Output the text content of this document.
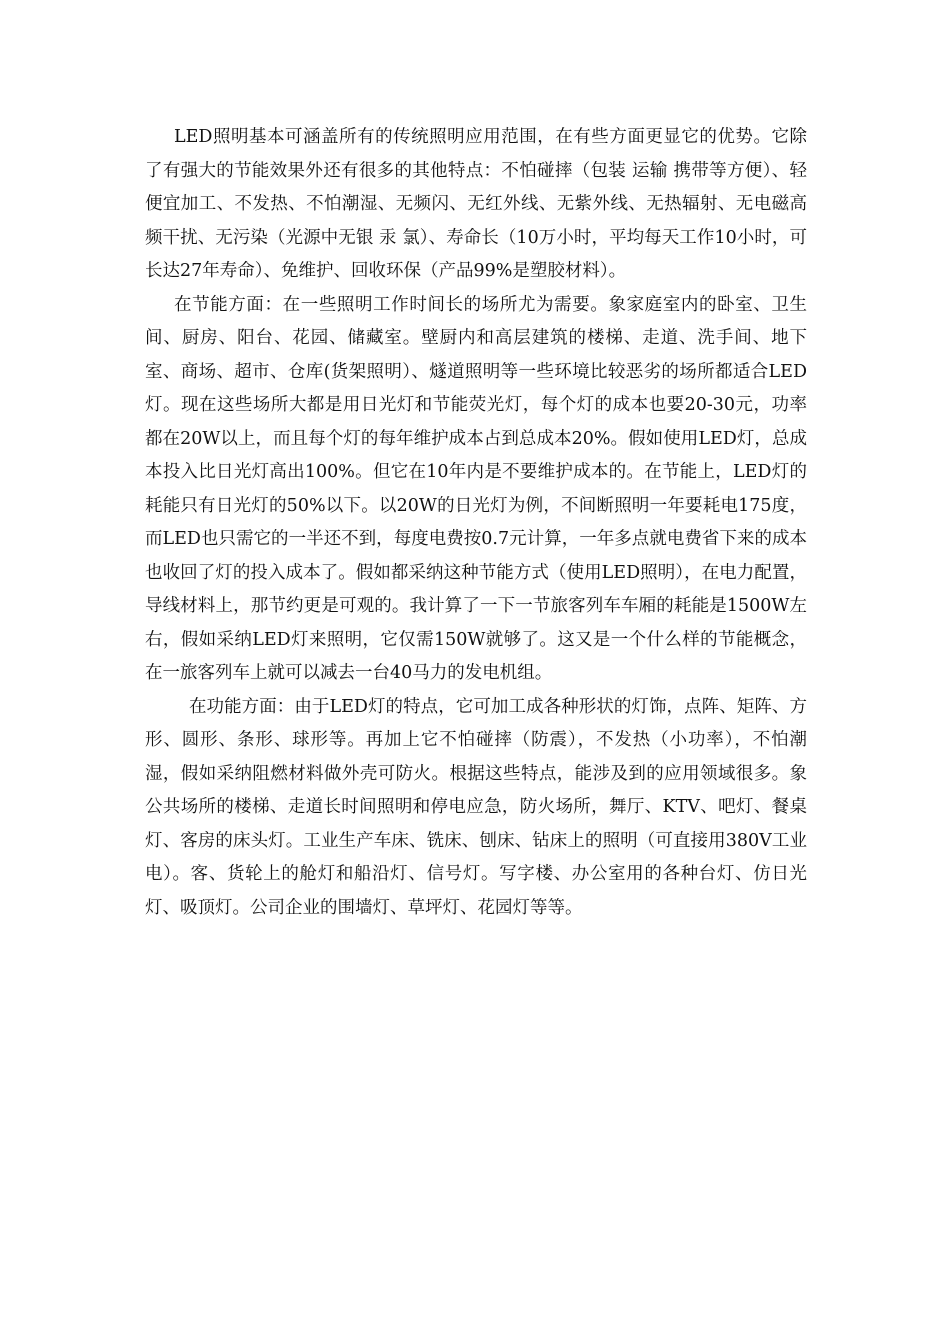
LED照明基本可涵盖所有的传统照明应用范围，在有些方面更显它的优势。它除了有强大的节能效果外还有很多的其他特点：不怕碰摔（包装 运输 携带等方便）、轻便宜加工、不发热、不怕潮湿、无频闪、无红外线、无紫外线、无热辐射、无电磁高频干扰、无污染（光源中无银 汞 氯）、寿命长（10万小时，平均每天工作10小时，可长达27年寿命）、免维护、回收环保（产品99%是塑胶材料）。

在节能方面：在一些照明工作时间长的场所尤为需要。象家庭室内的卧室、卫生间、厨房、阳台、花园、储藏室。壁厨内和高层建筑的楼梯、走道、洗手间、地下室、商场、超市、仓库(货架照明）、燧道照明等一些环境比较恶劣的场所都适合LED灯。现在这些场所大都是用日光灯和节能荧光灯，每个灯的成本也要20-30元，功率都在20W以上，而且每个灯的每年维护成本占到总成本20%。假如使用LED灯，总成本投入比日光灯高出100%。但它在10年内是不要维护成本的。在节能上，LED灯的耗能只有日光灯的50%以下。以20W的日光灯为例，不间断照明一年要耗电175度，而LED也只需它的一半还不到，每度电费按0.7元计算，一年多点就电费省下来的成本也收回了灯的投入成本了。假如都采纳这种节能方式（使用LED照明），在电力配置，导线材料上，那节约更是可观的。我计算了一下一节旅客列车车厢的耗能是1500W左右，假如采纳LED灯来照明，它仅需150W就够了。这又是一个什么样的节能概念，在一旅客列车上就可以减去一台40马力的发电机组。

在功能方面：由于LED灯的特点，它可加工成各种形状的灯饰，点阵、矩阵、方形、圆形、条形、球形等。再加上它不怕碰摔（防震），不发热（小功率），不怕潮湿，假如采纳阻燃材料做外壳可防火。根据这些特点，能涉及到的应用领域很多。象公共场所的楼梯、走道长时间照明和停电应急，防火场所，舞厅、KTV、吧灯、餐桌灯、客房的床头灯。工业生产车床、铣床、刨床、钻床上的照明（可直接用380V工业电）。客、货轮上的舱灯和船沿灯、信号灯。写字楼、办公室用的各种台灯、仿日光灯、吸顶灯。公司企业的围墙灯、草坪灯、花园灯等等。
